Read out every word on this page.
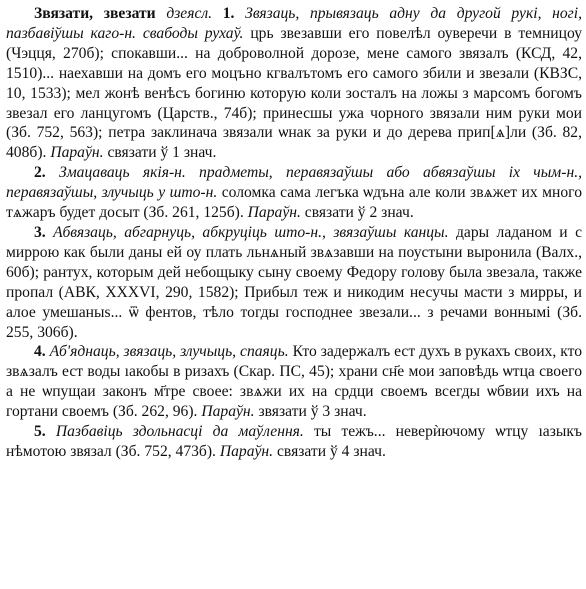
Звязати, звезати дзеясл. 1. Звязаць, прывязаць адну да другой рукі, ногі, пазбавіўшы каго-н. свабоды рухаў. црь звезавши его повелѣл оуверечи в темницоу (Чэцця, 270б); спокавши... на доброволной дорозе, мене самого звязалъ (КСД, 42, 1510)... наехавши на домъ его моцъно кгвалътомъ его самого збили и звезали (КВЗС, 10, 1533); мел жонѣ венѣсъ богиню которую коли зосталъ на ложы з марсомъ богомъ звезал его ланцугомъ (Царств., 74б); принесшы ужа чорного звязали ним руки мои (Зб. 752, 563); петра заклинача звязали ѡнак за руки и до дерева прип[ѧ]ли (Зб. 82, 408б). Параўн. связати ў 1 знач.

2. Змацаваць якія-н. прадметы, перавязаўшы або абвязаўшы іх чым-н., перавязаўшы, злучыць у што-н. соломка сама легъка ѡдъна але коли звѧжет их много тѧжаръ будет досыт (Зб. 261, 125б). Параўн. связати ў 2 знач.

3. Абвязаць, абгарнуць, абкруціць што-н., звязаўшы канцы. дары ладаном и с миррою как были даны ей оу плать льнѧный звѧзавши на поустыни выронила (Валх., 60б); рантух, которым дей небощыку сыну своему Федору голову была звезала, также пропал (АВК, XXXVI, 290, 1582); Прибыл теж и никодим несучы масти з мирры, и алое умешаныѕ... ѿ фентов, тѣло тогды господнее звезали... з речами воннымi (Зб. 255, 306б).

4. Аб'яднаць, звязаць, злучыць, спаяць. Кто задержалъ ест духъ в рукахъ своих, кто звѧзалъ ест воды ıакобы в ризахъ (Скар. ПС, 45); храни сн҃е мои заповѣдь ѡтца своего а не ѡпущаи законъ м҃тре своее: звѧжи их на срдци своемъ всегды ѡбвии ихъ на гортани своемъ (Зб. 262, 96). Параўн. звязати ў 3 знач.

5. Пазбавіць здольнасці да маўлення. ты тежъ... неверѝючому ѡтцу ıазыкъ нѣмотою звязал (Зб. 752, 473б). Параўн. связати ў 4 знач.
